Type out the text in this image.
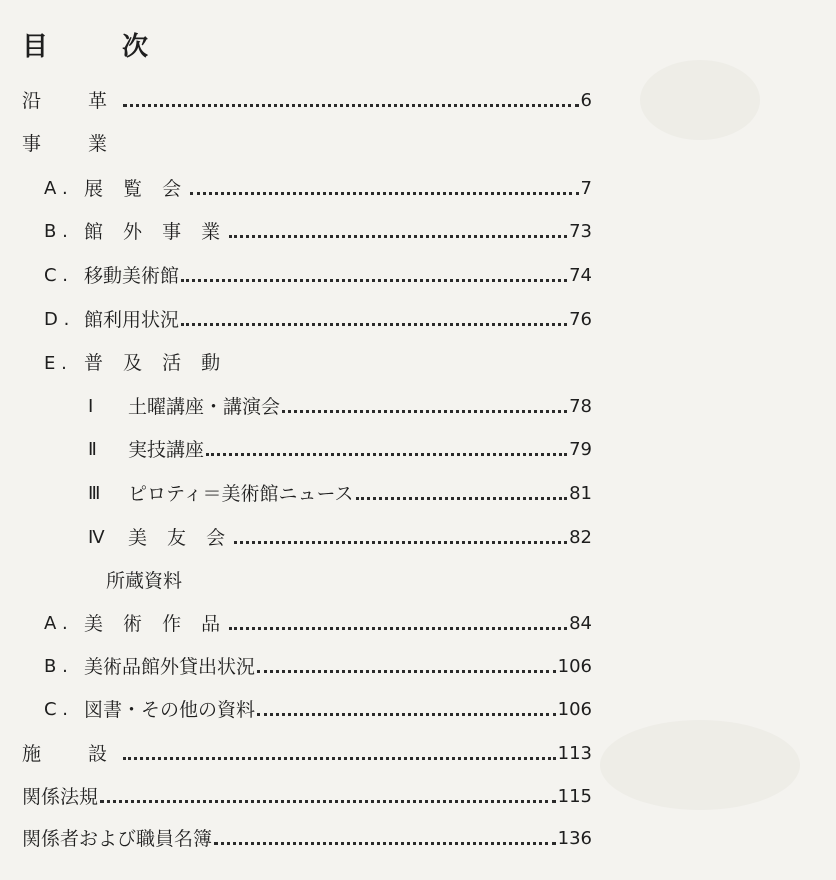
目	次
沿　革	6
事　業
A . 展 覧 会	7
B . 館 外 事 業	73
C . 移動美術館	74
D . 館利用状況	76
E . 普 及 活 動
Ⅰ	土曜講座・講演会	78
Ⅱ	実技講座	79
Ⅲ	ピロティ＝美術館ニュース	81
Ⅳ	美 友 会	82
所蔵資料
A . 美 術 作 品	84
B . 美術品館外貸出状況	106
C . 図書・その他の資料	106
施　設	113
関係法規	115
関係者および職員名簿	136
